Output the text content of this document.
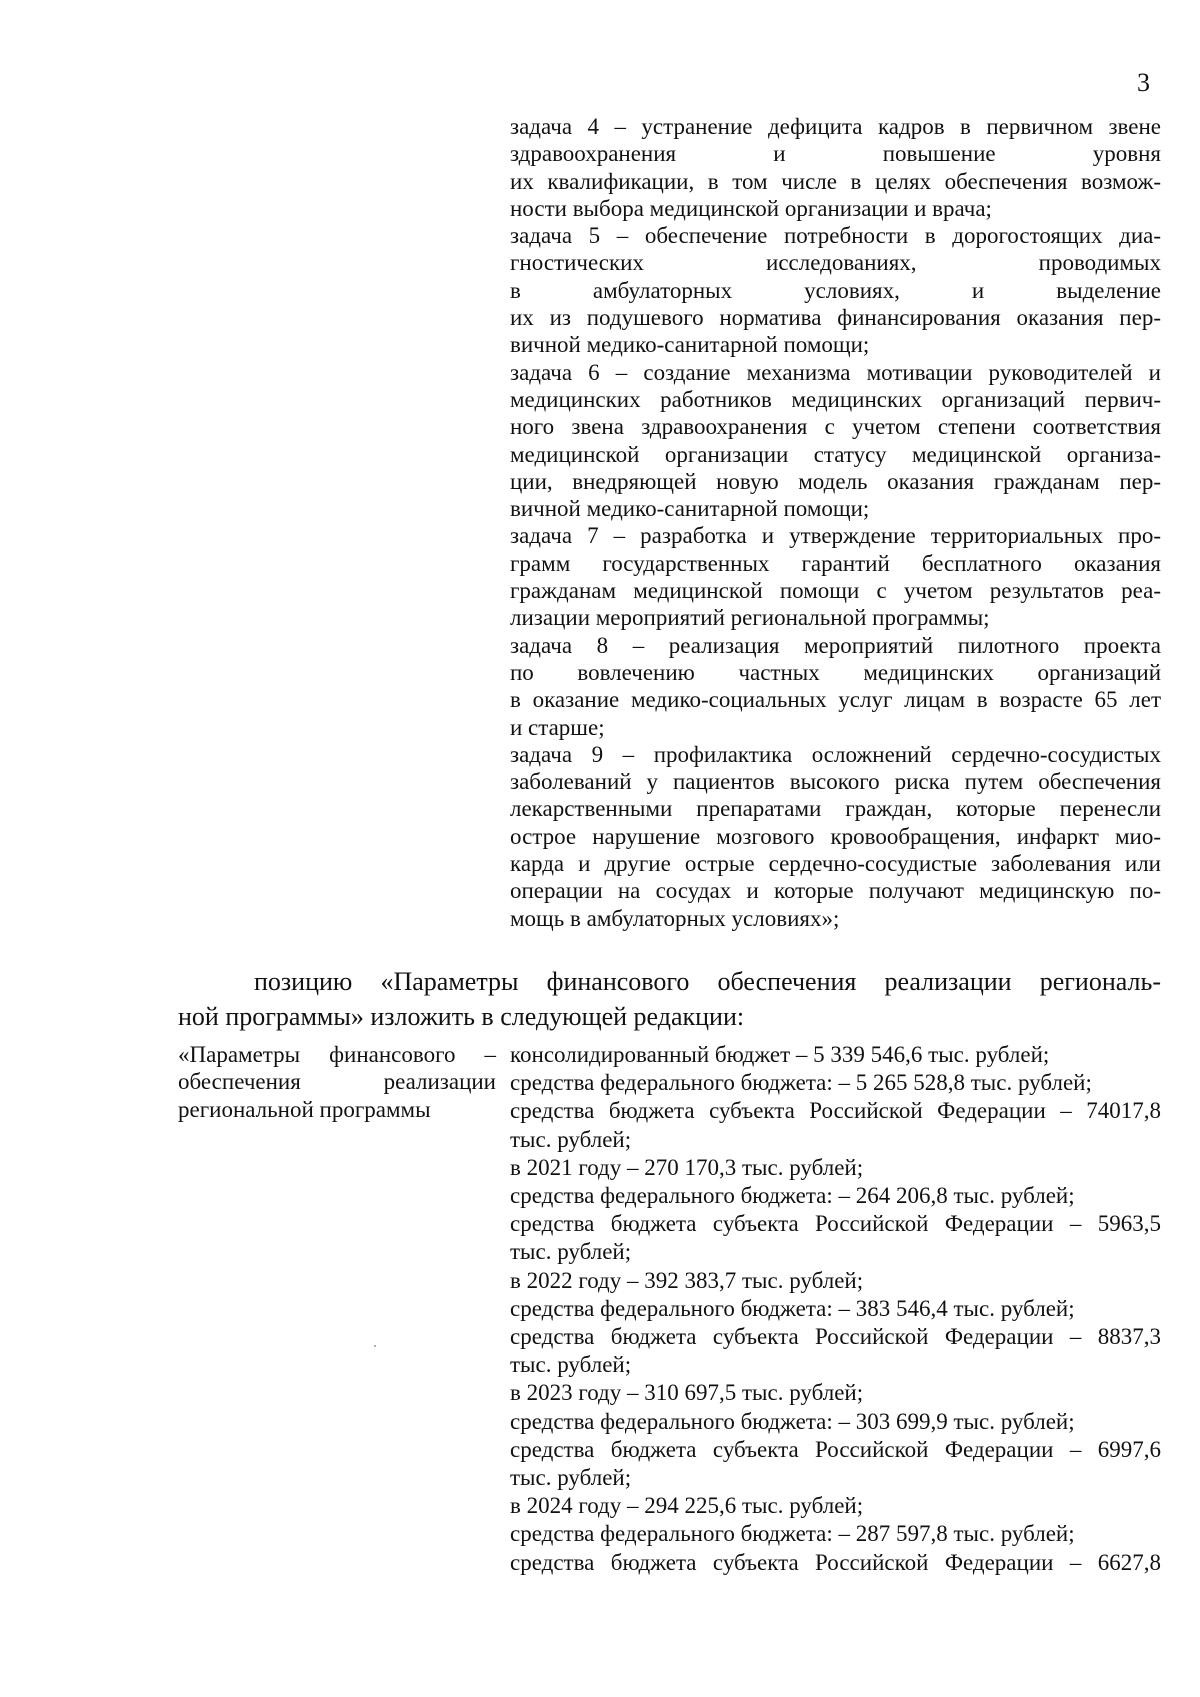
3
задача 4 – устранение дефицита кадров в первичном звене
здравоохранения и повышение уровня
их квалификации, в том числе в целях обеспечения возмож-
ности выбора медицинской организации и врача;
задача 5 – обеспечение потребности в дорогостоящих диа-
гностических исследованиях, проводимых
в амбулаторных условиях, и выделение
их из подушевого норматива финансирования оказания пер-
вичной медико-санитарной помощи;
задача 6 – создание механизма мотивации руководителей и
медицинских работников медицинских организаций первич-
ного звена здравоохранения с учетом степени соответствия
медицинской организации статусу медицинской организа-
ции, внедряющей новую модель оказания гражданам пер-
вичной медико-санитарной помощи;
задача 7 – разработка и утверждение территориальных про-
грамм государственных гарантий бесплатного оказания
гражданам медицинской помощи с учетом результатов реа-
лизации мероприятий региональной программы;
задача 8 – реализация мероприятий пилотного проекта
по вовлечению частных медицинских организаций
в оказание медико-социальных услуг лицам в возрасте 65 лет
и старше;
задача 9 – профилактика осложнений сердечно-сосудистых
заболеваний у пациентов высокого риска путем обеспечения
лекарственными препаратами граждан, которые перенесли
острое нарушение мозгового кровообращения, инфаркт мио-
карда и другие острые сердечно-сосудистые заболевания или
операции на сосудах и которые получают медицинскую по-
мощь в амбулаторных условиях»;
позицию «Параметры финансового обеспечения реализации региональ-
ной программы» изложить в следующей редакции:
«Параметры финансового –
обеспечения реализации
региональной программы
консолидированный бюджет – 5 339 546,6 тыс. рублей;
средства федерального бюджета: – 5 265 528,8 тыс. рублей;
средства бюджета субъекта Российской Федерации – 74017,8
тыс. рублей;
в 2021 году – 270 170,3 тыс. рублей;
средства федерального бюджета: – 264 206,8 тыс. рублей;
средства бюджета субъекта Российской Федерации – 5963,5
тыс. рублей;
в 2022 году – 392 383,7 тыс. рублей;
средства федерального бюджета: – 383 546,4 тыс. рублей;
средства бюджета субъекта Российской Федерации – 8837,3
тыс. рублей;
в 2023 году – 310 697,5 тыс. рублей;
средства федерального бюджета: – 303 699,9 тыс. рублей;
средства бюджета субъекта Российской Федерации – 6997,6
тыс. рублей;
в 2024 году – 294 225,6 тыс. рублей;
средства федерального бюджета: – 287 597,8 тыс. рублей;
средства бюджета субъекта Российской Федерации – 6627,8
